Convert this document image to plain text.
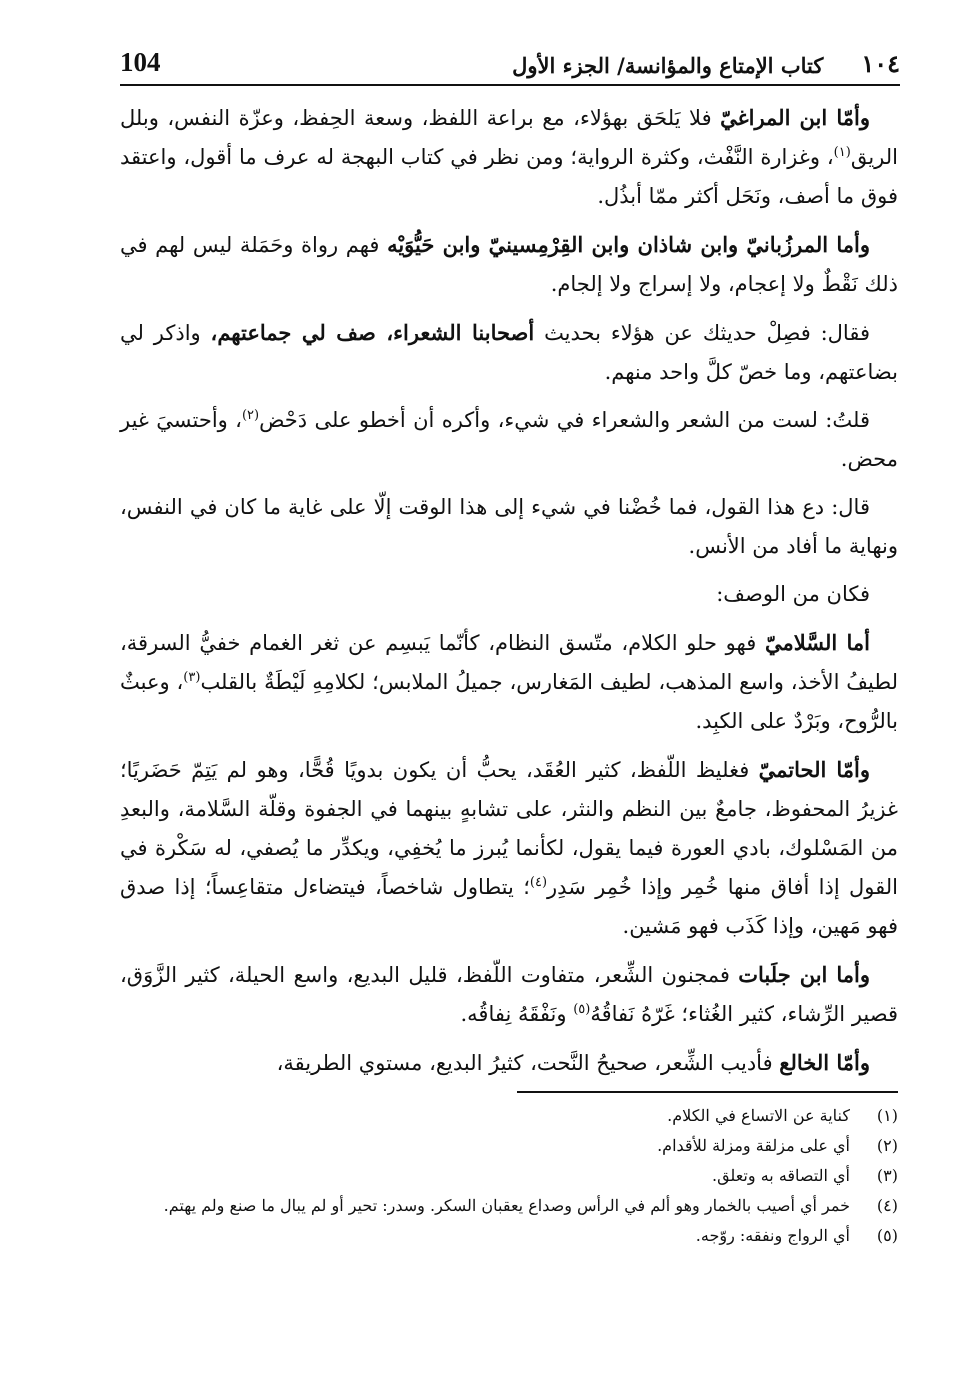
104	١٠٤
كتاب الإمتاع والمؤانسة/ الجزء الأول

وأمّا ابن المراغيّ فلا يَلحَق بهؤلاء، مع براعة اللفظ، وسعة الحِفظ، وعزّة النفس، وبلل الريق$^{(١)}$، وغزارة النَّفْث، وكثرة الرواية؛ ومن نظر في كتاب البهجة له عرف ما أقول، واعتقد فوق ما أصف، ونَحَل أكثر ممّا أبذُل.

وأما المرزُبانيّ وابن شاذان وابن القِرْمِسينيّ وابن حَيُّوَيْه فهم رواة وحَمَلة ليس لهم في ذلك نَقْطٌ ولا إعجام، ولا إسراج ولا إلجام.

فقال: فصِلْ حديثك عن هؤلاء بحديث أصحابنا الشعراء، صف لي جماعتهم، واذكر لي بضاعتهم، وما خصّ كلَّ واحد منهم.

قلتُ: لست من الشعر والشعراء في شيء، وأكره أن أخطو على دَحْض$^{(٢)}$، وأحتسيَ غير محض.

قال: دع هذا القول، فما خُضْنا في شيء إلى هذا الوقت إلّا على غاية ما كان في النفس، ونهاية ما أفاد من الأنس.

فكان من الوصف:

أما السَّلاميّ فهو حلو الكلام، متّسق النظام، كأنّما يَبسِم عن ثغر الغمام خفيُّ السرقة، لطيفُ الأخذ، واسع المذهب، لطيف المَغارس، جميلُ الملابس؛ لكلامِهِ لَيْطَةٌ بالقلب$^{(٣)}$، وعبثٌ بالرُّوح، وبَرْدٌ على الكبِد.

وأمّا الحاتميّ فغليظ اللّفظ، كثير العُقَد، يحبُّ أن يكون بدويًا قُحًّا، وهو لم يَتِمّ حَضَريًا؛ غزيرُ المحفوظ، جامعٌ بين النظم والنثر، على تشابهٍ بينهما في الجفوة وقلّة السَّلامة، والبعدِ من المَسْلوك، بادي العورة فيما يقول، لكأنما يُبرز ما يُخفِي، ويكدِّر ما يُصفي، له سَكْرة في القول إذا أفاق منها خُمِر وإذا خُمِر سَدِر$^{(٤)}$؛ يتطاول شاخصاً، فيتضاءل متقاعِساً؛ إذا صدق فهو مَهين، وإذا كَذَب فهو مَشين.

وأما ابن جلَبات فمجنون الشِّعر، متفاوت اللّفظ، قليل البديع، واسع الحيلة، كثير الزَّوَق، قصير الرِّشاء، كثير الغُثاء؛ غَرّهُ نَفاقُهُ$^{(٥)}$ ونَفْقَهُ نِفاقُه.

وأمّا الخالع فأديب الشِّعر، صحيحُ النَّحت، كثيرُ البديع، مستوي الطريقة،

(١)
كناية عن الاتساع في الكلام.
(٢)
أي على مزلقة ومزلة للأقدام.
(٣)
أي التصاقه به وتعلق.
(٤)
خمر أي أصيب بالخمار وهو ألم في الرأس وصداع يعقبان السكر. وسدر: تحير أو لم يبال ما صنع ولم يهتم.
(٥)
أي الرواج ونفقه: روّجه.
